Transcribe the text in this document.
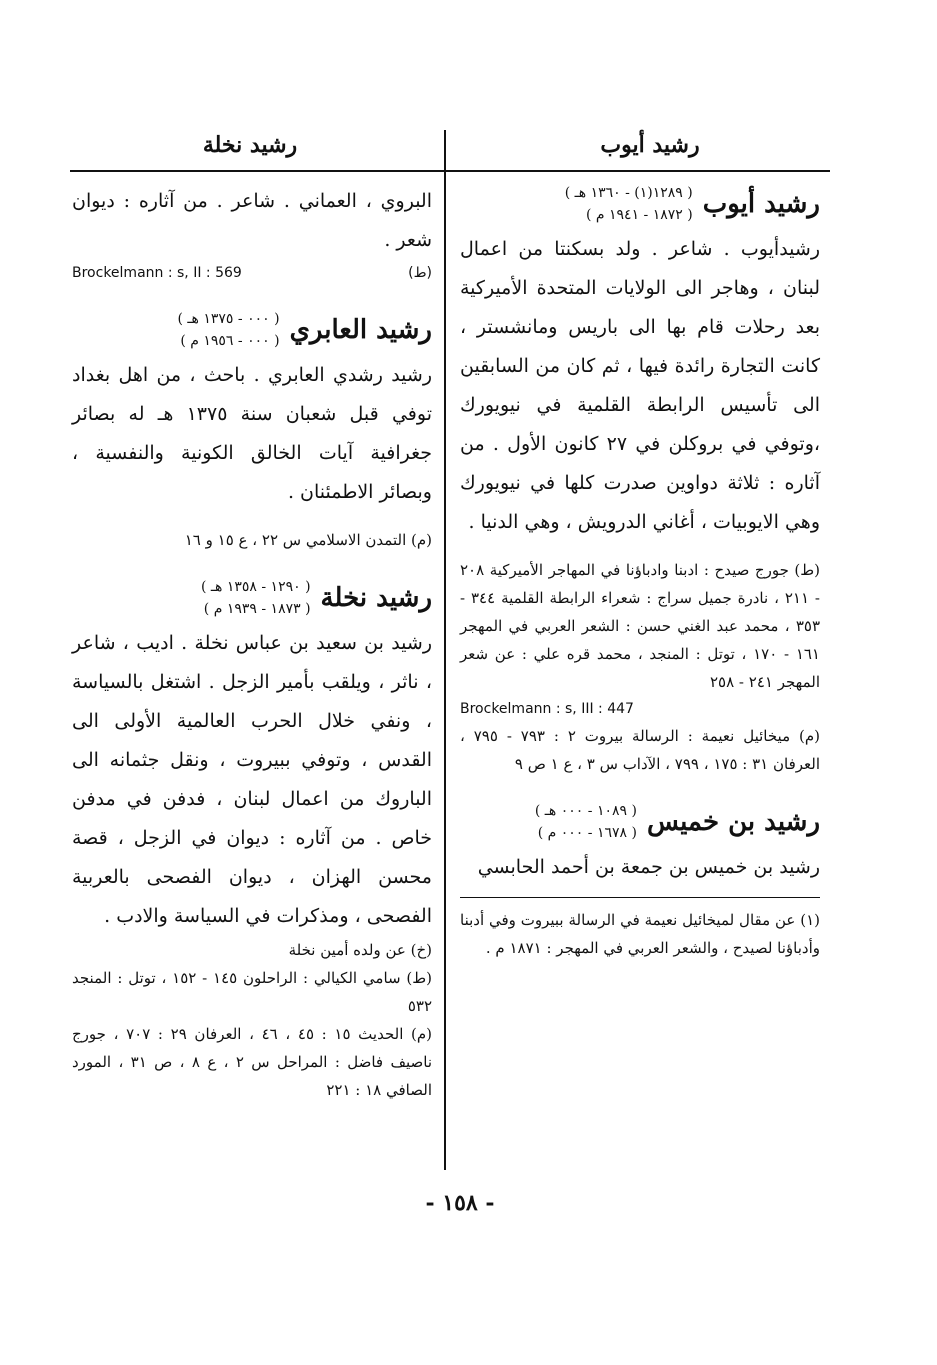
رشيد أيوب
رشيد نخلة
رشيد أيوب
( ١٢٨٩(١) - ١٣٦٠ هـ )
( ١٨٧٢ - ١٩٤١ م )

رشيدأيوب . شاعر . ولد بسكنتا من اعمال لبنان ، وهاجر الى الولايات المتحدة الأميركية بعد رحلات قام بها الى باريس ومانشستر ، كانت التجارة رائدة فيها ، ثم كان من السابقين الى تأسيس الرابطة القلمية في نيويورك ،وتوفي في بروكلن في ٢٧ كانون الأول . من آثاره : ثلاثة دواوين صدرت كلها في نيويورك وهي الايوبيات ، أغاني الدرويش ، وهي الدنيا .

(ط) جورج صيدح : ادبنا وادباؤنا في المهاجر الأميركية ٢٠٨ - ٢١١ ، نادرة جميل سراج : شعراء الرابطة القلمية ٣٤٤ - ٣٥٣ ، محمد عبد الغني حسن : الشعر العربي في المهجر ١٦١ - ١٧٠ ، توتل : المنجد ، محمد قره علي : عن شعر المهجر ٢٤١ - ٢٥٨

Brockelmann : s, III : 447

(م) ميخائيل نعيمة : الرسالة بيروت ٢ : ٧٩٣ - ٧٩٥ ، العرفان ٣١ : ١٧٥ ، ٧٩٩ ، الآداب س ٣ ، ع ١ ص ٩

رشيد بن خميس
( ١٠٨٩ - ٠٠٠ هـ )
( ١٦٧٨ - ٠٠٠ م )

رشيد بن خميس بن جمعة بن أحمد الحابسي

(١) عن مقال لميخائيل نعيمة في الرسالة ببيروت وفي أدبنا وأدباؤنا لصيدح ، والشعر العربي في المهجر : ١٨٧١ م .

البروي ، العماني . شاعر . من آثاره : ديوان شعر .

Brockelmann : s, II : 569	(ط)
رشيد العابري
( ٠٠٠ - ١٣٧٥ هـ )
( ٠٠٠ - ١٩٥٦ م )

رشيد رشدي العابري . باحث ، من اهل بغداد توفي قبل شعبان سنة ١٣٧٥ هـ له بصائر جغرافية آيات الخالق الكونية والنفسية ، وبصائر الاطمئنان .

(م) التمدن الاسلامي س ٢٢ ، ع ١٥ و ١٦

رشيد نخلة
( ١٢٩٠ - ١٣٥٨ هـ )
( ١٨٧٣ - ١٩٣٩ م )

رشيد بن سعيد بن عباس نخلة . اديب ، شاعر ، ناثر ، ويلقب بأمير الزجل . اشتغل بالسياسة ، ونفي خلال الحرب العالمية الأولى الى القدس ، وتوفي ببيروت ، ونقل جثمانه الى الباروك من اعمال لبنان ، فدفن في مدفن خاص . من آثاره : ديوان في الزجل ، قصة محسن الهزان ، ديوان الفصحى بالعربية الفصحى ، ومذكرات في السياسة والادب .

(خ) عن ولده أمين نخلة

(ط) سامي الكيالي : الراحلون ١٤٥ - ١٥٢ ، توتل : المنجد ٥٣٢

(م) الحديث ١٥ : ٤٥ ، ٤٦ ، العرفان ٢٩ : ٧٠٧ ، جورج ناصيف فاضل : المراحل س ٢ ، ع ٨ ، ص ٣١ ، المورد الصافي ١٨ : ٢٢١

- ١٥٨ -
